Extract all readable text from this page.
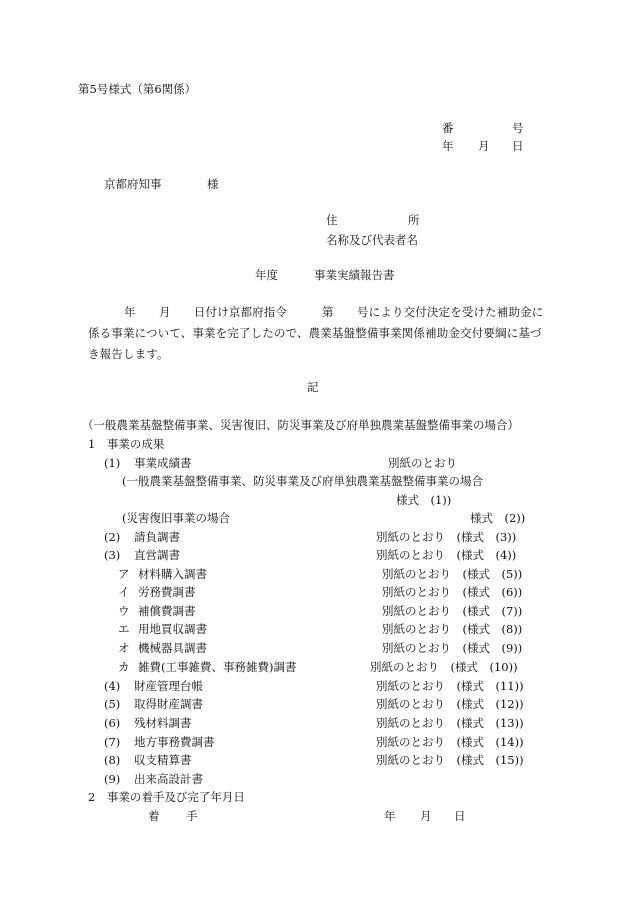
第5号様式（第6関係）
番	号
年 月 日
京都府知事	様
住	所
名称及び代表者名
年度	事業実績報告書
年　　月　　日付け京都府指令　　　第　　号により交付決定を受けた補助金に
係る事業について、事業を完了したので、農業基盤整備事業関係補助金交付要綱に基づ
き報告します。
記
（一般農業基盤整備事業、災害復旧、防災事業及び府単独農業基盤整備事業の場合）
1　事業の成果
(1) 事業成績書	別紙のとおり
(一般農業基盤整備事業、防災事業及び府単独農業基盤整備事業の場合
様式　(1))
(災害復旧事業の場合	様式　(2))
(2) 請負調書	別紙のとおり　(様式　(3))
(3) 直営調書	別紙のとおり　(様式　(4))
ア 材料購入調書	別紙のとおり　(様式　(5))
イ 労務費調書	別紙のとおり　(様式　(6))
ウ 補償費調書	別紙のとおり　(様式　(7))
エ 用地買収調書	別紙のとおり　(様式　(8))
オ 機械器具調書	別紙のとおり　(様式　(9))
カ 雑費(工事雑費、事務雑費)調書	別紙のとおり　(様式　(10))
(4) 財産管理台帳	別紙のとおり　(様式　(11))
(5) 取得財産調書	別紙のとおり　(様式　(12))
(6) 残材料調書	別紙のとおり　(様式　(13))
(7) 地方事務費調書	別紙のとおり　(様式　(14))
(8) 収支精算書	別紙のとおり　(様式　(15))
(9) 出来高設計書
2　事業の着手及び完了年月日
着 手	年 月 日
